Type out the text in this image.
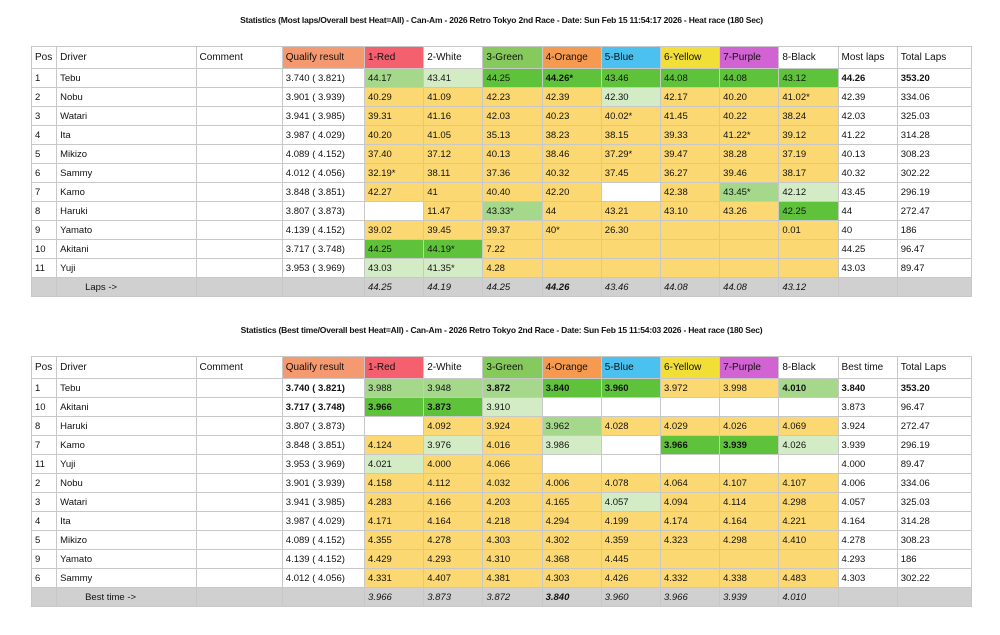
Statistics (Most laps/Overall best Heat=All) - Can-Am - 2026 Retro Tokyo 2nd Race - Date: Sun Feb 15 11:54:17 2026 - Heat race (180 Sec)
Pos	Driver	Comment	Qualify result	1-Red	2-White	3-Green	4-Orange	5-Blue	6-Yellow	7-Purple	8-Black	Most laps	Total Laps
1	Tebu		3.740 ( 3.821)	44.17	43.41	44.25	44.26*	43.46	44.08	44.08	43.12	44.26	353.20
2	Nobu		3.901 ( 3.939)	40.29	41.09	42.23	42.39	42.30	42.17	40.20	41.02*	42.39	334.06
3	Watari		3.941 ( 3.985)	39.31	41.16	42.03	40.23	40.02*	41.45	40.22	38.24	42.03	325.03
4	Ita		3.987 ( 4.029)	40.20	41.05	35.13	38.23	38.15	39.33	41.22*	39.12	41.22	314.28
5	Mikizo		4.089 ( 4.152)	37.40	37.12	40.13	38.46	37.29*	39.47	38.28	37.19	40.13	308.23
6	Sammy		4.012 ( 4.056)	32.19*	38.11	37.36	40.32	37.45	36.27	39.46	38.17	40.32	302.22
7	Kamo		3.848 ( 3.851)	42.27	41	40.40	42.20		42.38	43.45*	42.12	43.45	296.19
8	Haruki		3.807 ( 3.873)		11.47	43.33*	44	43.21	43.10	43.26	42.25	44	272.47
9	Yamato		4.139 ( 4.152)	39.02	39.45	39.37	40*	26.30			0.01	40	186
10	Akitani		3.717 ( 3.748)	44.25	44.19*	7.22						44.25	96.47
11	Yuji		3.953 ( 3.969)	43.03	41.35*	4.28						43.03	89.47
	Laps ->			44.25	44.19	44.25	44.26	43.46	44.08	44.08	43.12		
Statistics (Best time/Overall best Heat=All) - Can-Am - 2026 Retro Tokyo 2nd Race - Date: Sun Feb 15 11:54:03 2026 - Heat race (180 Sec)
Pos	Driver	Comment	Qualify result	1-Red	2-White	3-Green	4-Orange	5-Blue	6-Yellow	7-Purple	8-Black	Best time	Total Laps
1	Tebu		3.740 ( 3.821)	3.988	3.948	3.872	3.840	3.960	3.972	3.998	4.010	3.840	353.20
10	Akitani		3.717 ( 3.748)	3.966	3.873	3.910						3.873	96.47
8	Haruki		3.807 ( 3.873)		4.092	3.924	3.962	4.028	4.029	4.026	4.069	3.924	272.47
7	Kamo		3.848 ( 3.851)	4.124	3.976	4.016	3.986		3.966	3.939	4.026	3.939	296.19
11	Yuji		3.953 ( 3.969)	4.021	4.000	4.066						4.000	89.47
2	Nobu		3.901 ( 3.939)	4.158	4.112	4.032	4.006	4.078	4.064	4.107	4.107	4.006	334.06
3	Watari		3.941 ( 3.985)	4.283	4.166	4.203	4.165	4.057	4.094	4.114	4.298	4.057	325.03
4	Ita		3.987 ( 4.029)	4.171	4.164	4.218	4.294	4.199	4.174	4.164	4.221	4.164	314.28
5	Mikizo		4.089 ( 4.152)	4.355	4.278	4.303	4.302	4.359	4.323	4.298	4.410	4.278	308.23
9	Yamato		4.139 ( 4.152)	4.429	4.293	4.310	4.368	4.445				4.293	186
6	Sammy		4.012 ( 4.056)	4.331	4.407	4.381	4.303	4.426	4.332	4.338	4.483	4.303	302.22
	Best time ->			3.966	3.873	3.872	3.840	3.960	3.966	3.939	4.010		
